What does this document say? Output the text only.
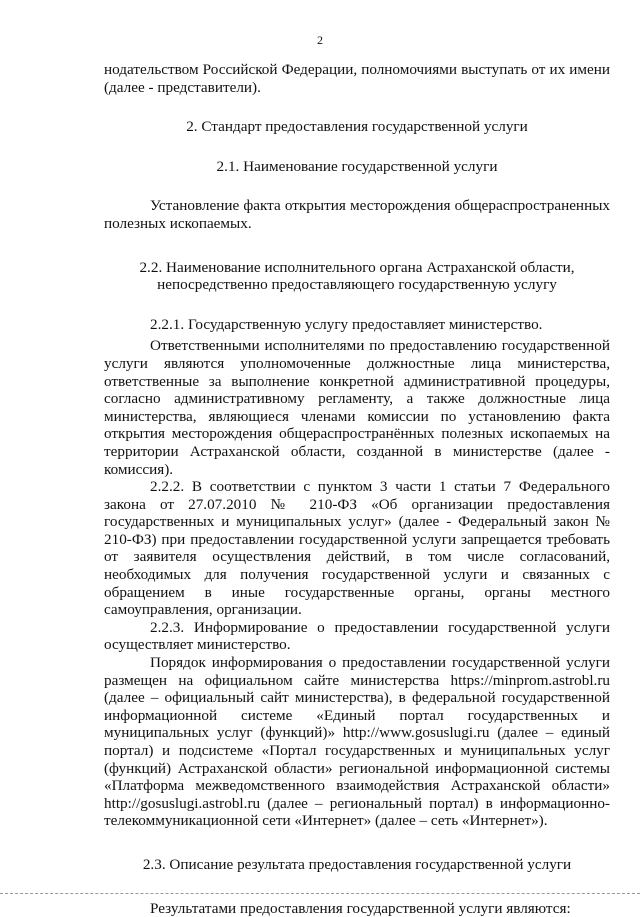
2

нодательством Российской Федерации, полномочиями выступать от их имени (далее - представители).

2. Стандарт предоставления государственной услуги

2.1. Наименование государственной услуги

Установление факта открытия месторождения общераспространенных полезных ископаемых.

2.2. Наименование исполнительного органа Астраханской области, непосредственно предоставляющего государственную услугу

2.2.1. Государственную услугу предоставляет министерство.

Ответственными исполнителями по предоставлению государственной услуги являются уполномоченные должностные лица министерства, ответственные за выполнение конкретной административной процедуры, согласно административному регламенту, а также должностные лица министерства, являющиеся членами комиссии по установлению факта открытия месторождения общераспространённых полезных ископаемых на территории Астраханской области, созданной в министерстве (далее - комиссия).

2.2.2. В соответствии с пунктом 3 части 1 статьи 7 Федерального закона от 27.07.2010 № 210-ФЗ «Об организации предоставления государственных и муниципальных услуг» (далее - Федеральный закон № 210-ФЗ) при предоставлении государственной услуги запрещается требовать от заявителя осуществления действий, в том числе согласований, необходимых для получения государственной услуги и связанных с обращением в иные государственные органы, органы местного самоуправления, организации.

2.2.3. Информирование о предоставлении государственной услуги осуществляет министерство.

Порядок информирования о предоставлении государственной услуги размещен на официальном сайте министерства https://minprom.astrobl.ru (далее – официальный сайт министерства), в федеральной государственной информационной системе «Единый портал государственных и муниципальных услуг (функций)» http://www.gosuslugi.ru (далее – единый портал) и подсистеме «Портал государственных и муниципальных услуг (функций) Астраханской области» региональной информационной системы «Платформа межведомственного взаимодействия Астраханской области» http://gosuslugi.astrobl.ru (далее – региональный портал) в информационно-телекоммуникационной сети «Интернет» (далее – сеть «Интернет»).

2.3. Описание результата предоставления государственной услуги

Результатами предоставления государственной услуги являются:
